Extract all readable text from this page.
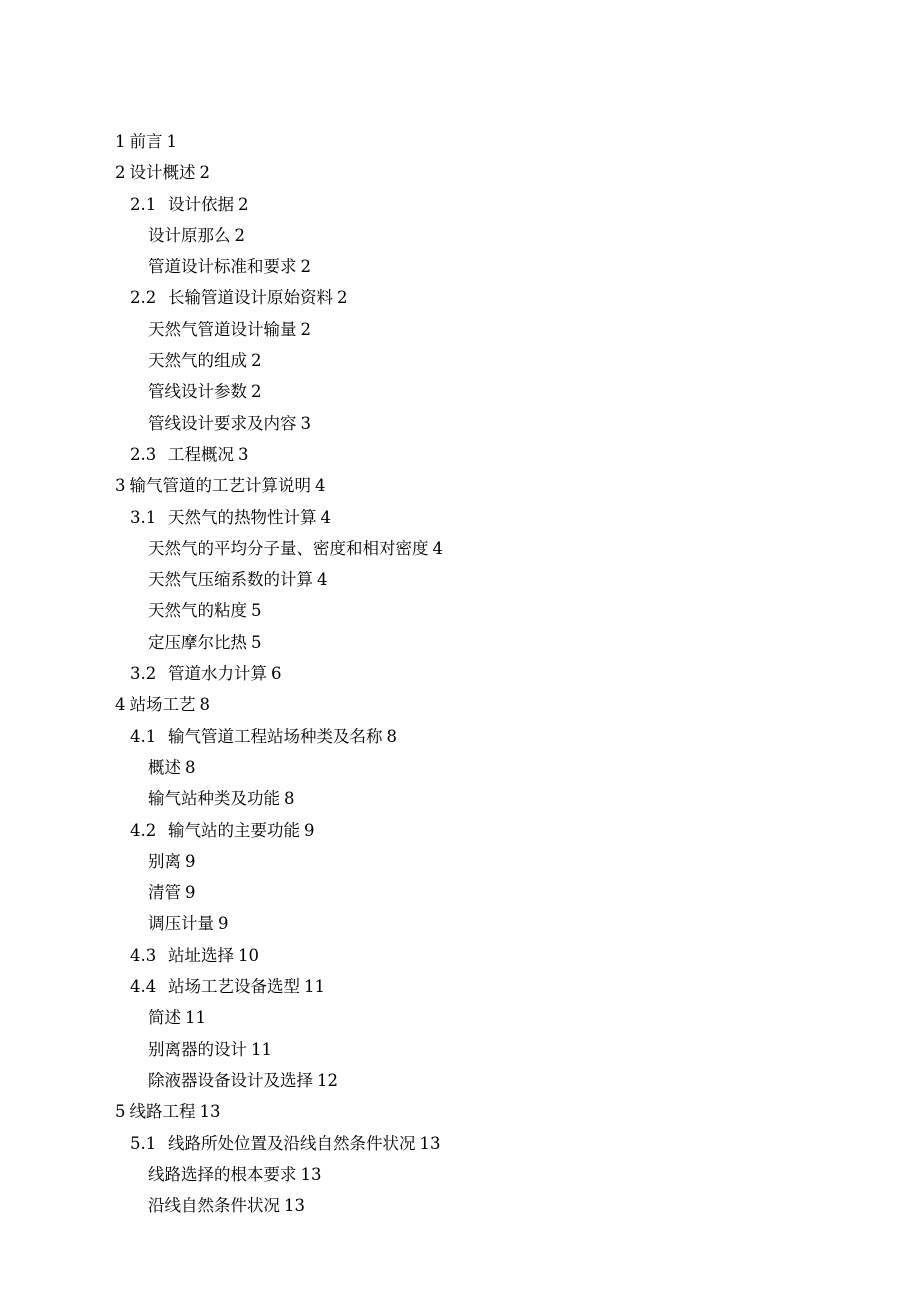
1 前言 1
2 设计概述 2
2.1 设计依据 2
设计原那么 2
管道设计标准和要求 2
2.2 长输管道设计原始资料 2
天然气管道设计输量 2
天然气的组成 2
管线设计参数 2
管线设计要求及内容 3
2.3 工程概况 3
3 输气管道的工艺计算说明 4
3.1 天然气的热物性计算 4
天然气的平均分子量、密度和相对密度 4
天然气压缩系数的计算 4
天然气的粘度 5
定压摩尔比热 5
3.2 管道水力计算 6
4 站场工艺 8
4.1 输气管道工程站场种类及名称 8
概述 8
输气站种类及功能 8
4.2 输气站的主要功能 9
别离 9
清管 9
调压计量 9
4.3 站址选择 10
4.4 站场工艺设备选型 11
简述 11
别离器的设计 11
除液器设备设计及选择 12
5 线路工程 13
5.1 线路所处位置及沿线自然条件状况 13
线路选择的根本要求 13
沿线自然条件状况 13
